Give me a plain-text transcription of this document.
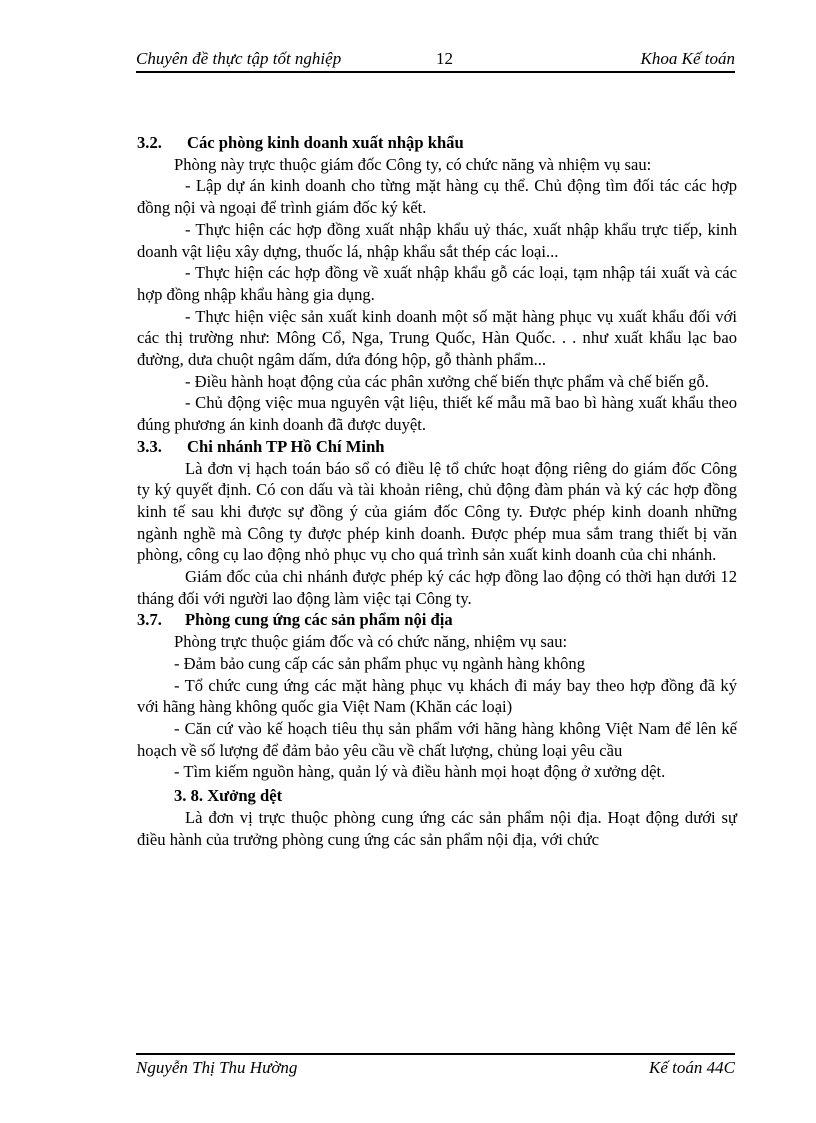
Chuyên đề thực tập tốt nghiệp	12	Khoa Kế toán
3.2.	Các phòng kinh doanh xuất nhập khẩu

Phòng này trực thuộc giám đốc Công ty, có chức năng và nhiệm vụ sau:

- Lập dự án kinh doanh cho từng mặt hàng cụ thể. Chủ động tìm đối tác các hợp đồng nội và ngoại để trình giám đốc ký kết.

- Thực hiện các hợp đồng xuất nhập khẩu uỷ thác, xuất nhập khẩu trực tiếp, kinh doanh vật liệu xây dựng, thuốc lá, nhập khẩu sắt thép các loại...

- Thực hiện các hợp đồng về xuất nhập khẩu gỗ các loại, tạm nhập tái xuất và các hợp đồng nhập khẩu hàng gia dụng.

- Thực hiện việc sản xuất kinh doanh một số mặt hàng phục vụ xuất khẩu đối với các thị trường như: Mông Cổ, Nga, Trung Quốc, Hàn Quốc. . . như xuất khẩu lạc bao đường, dưa chuột ngâm dấm, dứa đóng hộp, gỗ thành phẩm...

- Điều hành hoạt động của các phân xưởng chế biến thực phẩm và chế biến gỗ.

- Chủ động việc mua nguyên vật liệu, thiết kế mẫu mã bao bì hàng xuất khẩu theo đúng phương án kinh doanh đã được duyệt.

3.3.	Chi nhánh TP Hồ Chí Minh

Là đơn vị hạch toán báo sổ có điều lệ tổ chức hoạt động riêng do giám đốc Công ty ký quyết định. Có con dấu và tài khoản riêng, chủ động đàm phán và ký các hợp đồng kinh tế sau khi được sự đồng ý của giám đốc Công ty. Được phép kinh doanh những ngành nghề mà Công ty được phép kinh doanh. Được phép mua sắm trang thiết bị văn phòng, công cụ lao động nhỏ phục vụ cho quá trình sản xuất kinh doanh của chi nhánh.

Giám đốc của chi nhánh được phép ký các hợp đồng lao động có thời hạn dưới 12 tháng đối với người lao động làm việc tại Công ty.

3.7.	Phòng cung ứng các sản phẩm nội địa

Phòng trực thuộc giám đốc và có chức năng, nhiệm vụ sau:

- Đảm bảo cung cấp các sản phẩm phục vụ ngành hàng không

- Tổ chức cung ứng các mặt hàng phục vụ khách đi máy bay theo hợp đồng đã ký với hãng hàng không quốc gia Việt Nam (Khăn các loại)

- Căn cứ vào kế hoạch tiêu thụ sản phẩm với hãng hàng không Việt Nam để lên kế hoạch về số lượng để đảm bảo yêu cầu về chất lượng, chủng loại yêu cầu

- Tìm kiếm nguồn hàng, quản lý và điều hành mọi hoạt động ở xưởng dệt.

3. 8. Xưởng dệt

Là đơn vị trực thuộc phòng cung ứng các sản phẩm nội địa. Hoạt động dưới sự điều hành của trưởng phòng cung ứng các sản phẩm nội địa, với chức

Nguyễn Thị Thu Hường	Kế toán 44C
